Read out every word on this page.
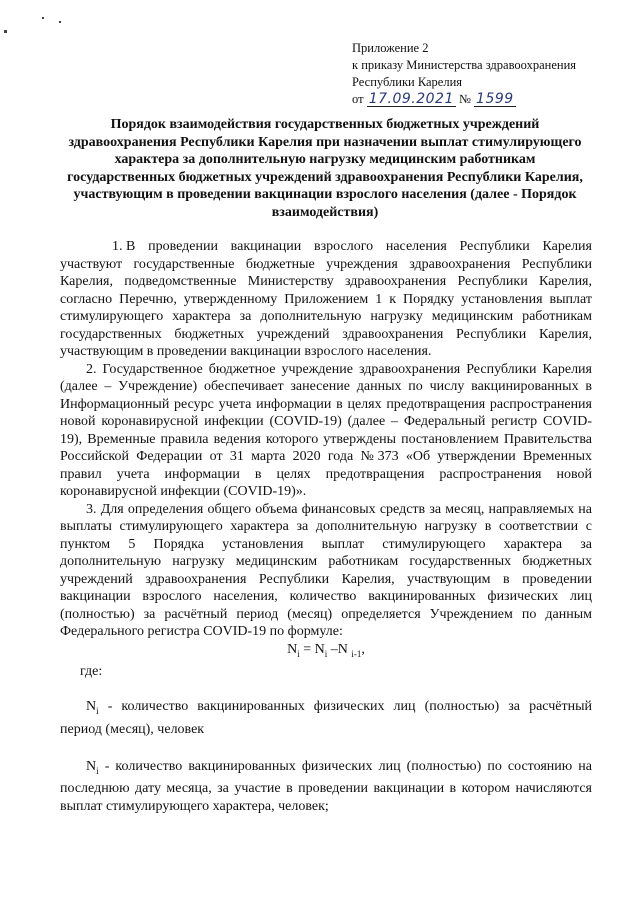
Приложение 2
к приказу Министерства здравоохранения
Республики Карелия
от 17.09.2021 № 1599
Порядок взаимодействия государственных бюджетных учреждений здравоохранения Республики Карелия при назначении выплат стимулирующего характера за дополнительную нагрузку медицинским работникам государственных бюджетных учреждений здравоохранения Республики Карелия, участвующим в проведении вакцинации взрослого населения (далее - Порядок взаимодействия)

1. В проведении вакцинации взрослого населения Республики Карелия участвуют государственные бюджетные учреждения здравоохранения Республики Карелия, подведомственные Министерству здравоохранения Республики Карелия, согласно Перечню, утвержденному Приложением 1 к Порядку установления выплат стимулирующего характера за дополнительную нагрузку медицинским работникам государственных бюджетных учреждений здравоохранения Республики Карелия, участвующим в проведении вакцинации взрослого населения.

2. Государственное бюджетное учреждение здравоохранения Республики Карелия (далее – Учреждение) обеспечивает занесение данных по числу вакцинированных в Информационный ресурс учета информации в целях предотвращения распространения новой коронавирусной инфекции (COVID-19) (далее – Федеральный регистр COVID-19), Временные правила ведения которого утверждены постановлением Правительства Российской Федерации от 31 марта 2020 года №373 «Об утверждении Временных правил учета информации в целях предотвращения распространения новой коронавирусной инфекции (COVID-19)».

3. Для определения общего объема финансовых средств за месяц, направляемых на выплаты стимулирующего характера за дополнительную нагрузку в соответствии с пунктом 5 Порядка установления выплат стимулирующего характера за дополнительную нагрузку медицинским работникам государственных бюджетных учреждений здравоохранения Республики Карелия, участвующим в проведении вакцинации взрослого населения, количество вакцинированных физических лиц (полностью) за расчётный период (месяц) определяется Учреждением по данным Федерального регистра COVID-19 по формуле:

$N_i = N_i$ –N $_{i-1}$,

где:

$N_i$ - количество вакцинированных физических лиц (полностью) за расчётный период (месяц), человек

$N_i$ - количество вакцинированных физических лиц (полностью) по состоянию на последнюю дату месяца, за участие в проведении вакцинации в котором начисляются выплат стимулирующего характера, человек;
